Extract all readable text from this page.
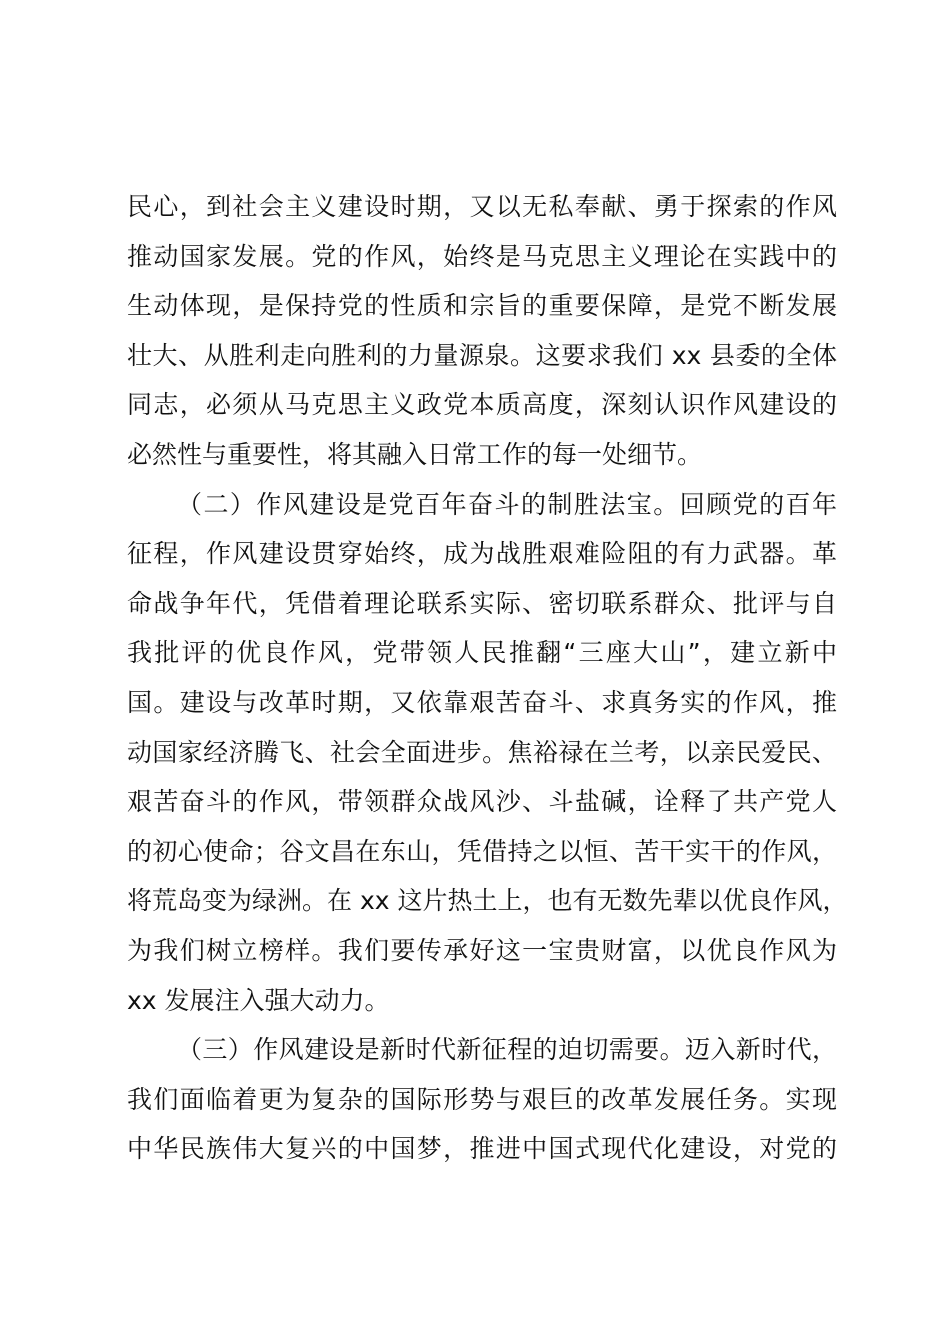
民心，到社会主义建设时期，又以无私奉献、勇于探索的作风
推动国家发展。党的作风，始终是马克思主义理论在实践中的
生动体现，是保持党的性质和宗旨的重要保障，是党不断发展
壮大、从胜利走向胜利的力量源泉。这要求我们 xx 县委的全体
同志，必须从马克思主义政党本质高度，深刻认识作风建设的
必然性与重要性，将其融入日常工作的每一处细节。
（二）作风建设是党百年奋斗的制胜法宝。回顾党的百年
征程，作风建设贯穿始终，成为战胜艰难险阻的有力武器。革
命战争年代，凭借着理论联系实际、密切联系群众、批评与自
我批评的优良作风，党带领人民推翻“三座大山”，建立新中
国。建设与改革时期，又依靠艰苦奋斗、求真务实的作风，推
动国家经济腾飞、社会全面进步。焦裕禄在兰考，以亲民爱民、
艰苦奋斗的作风，带领群众战风沙、斗盐碱，诠释了共产党人
的初心使命；谷文昌在东山，凭借持之以恒、苦干实干的作风，
将荒岛变为绿洲。在 xx 这片热土上，也有无数先辈以优良作风，
为我们树立榜样。我们要传承好这一宝贵财富，以优良作风为
xx 发展注入强大动力。
（三）作风建设是新时代新征程的迫切需要。迈入新时代，
我们面临着更为复杂的国际形势与艰巨的改革发展任务。实现
中华民族伟大复兴的中国梦，推进中国式现代化建设，对党的
